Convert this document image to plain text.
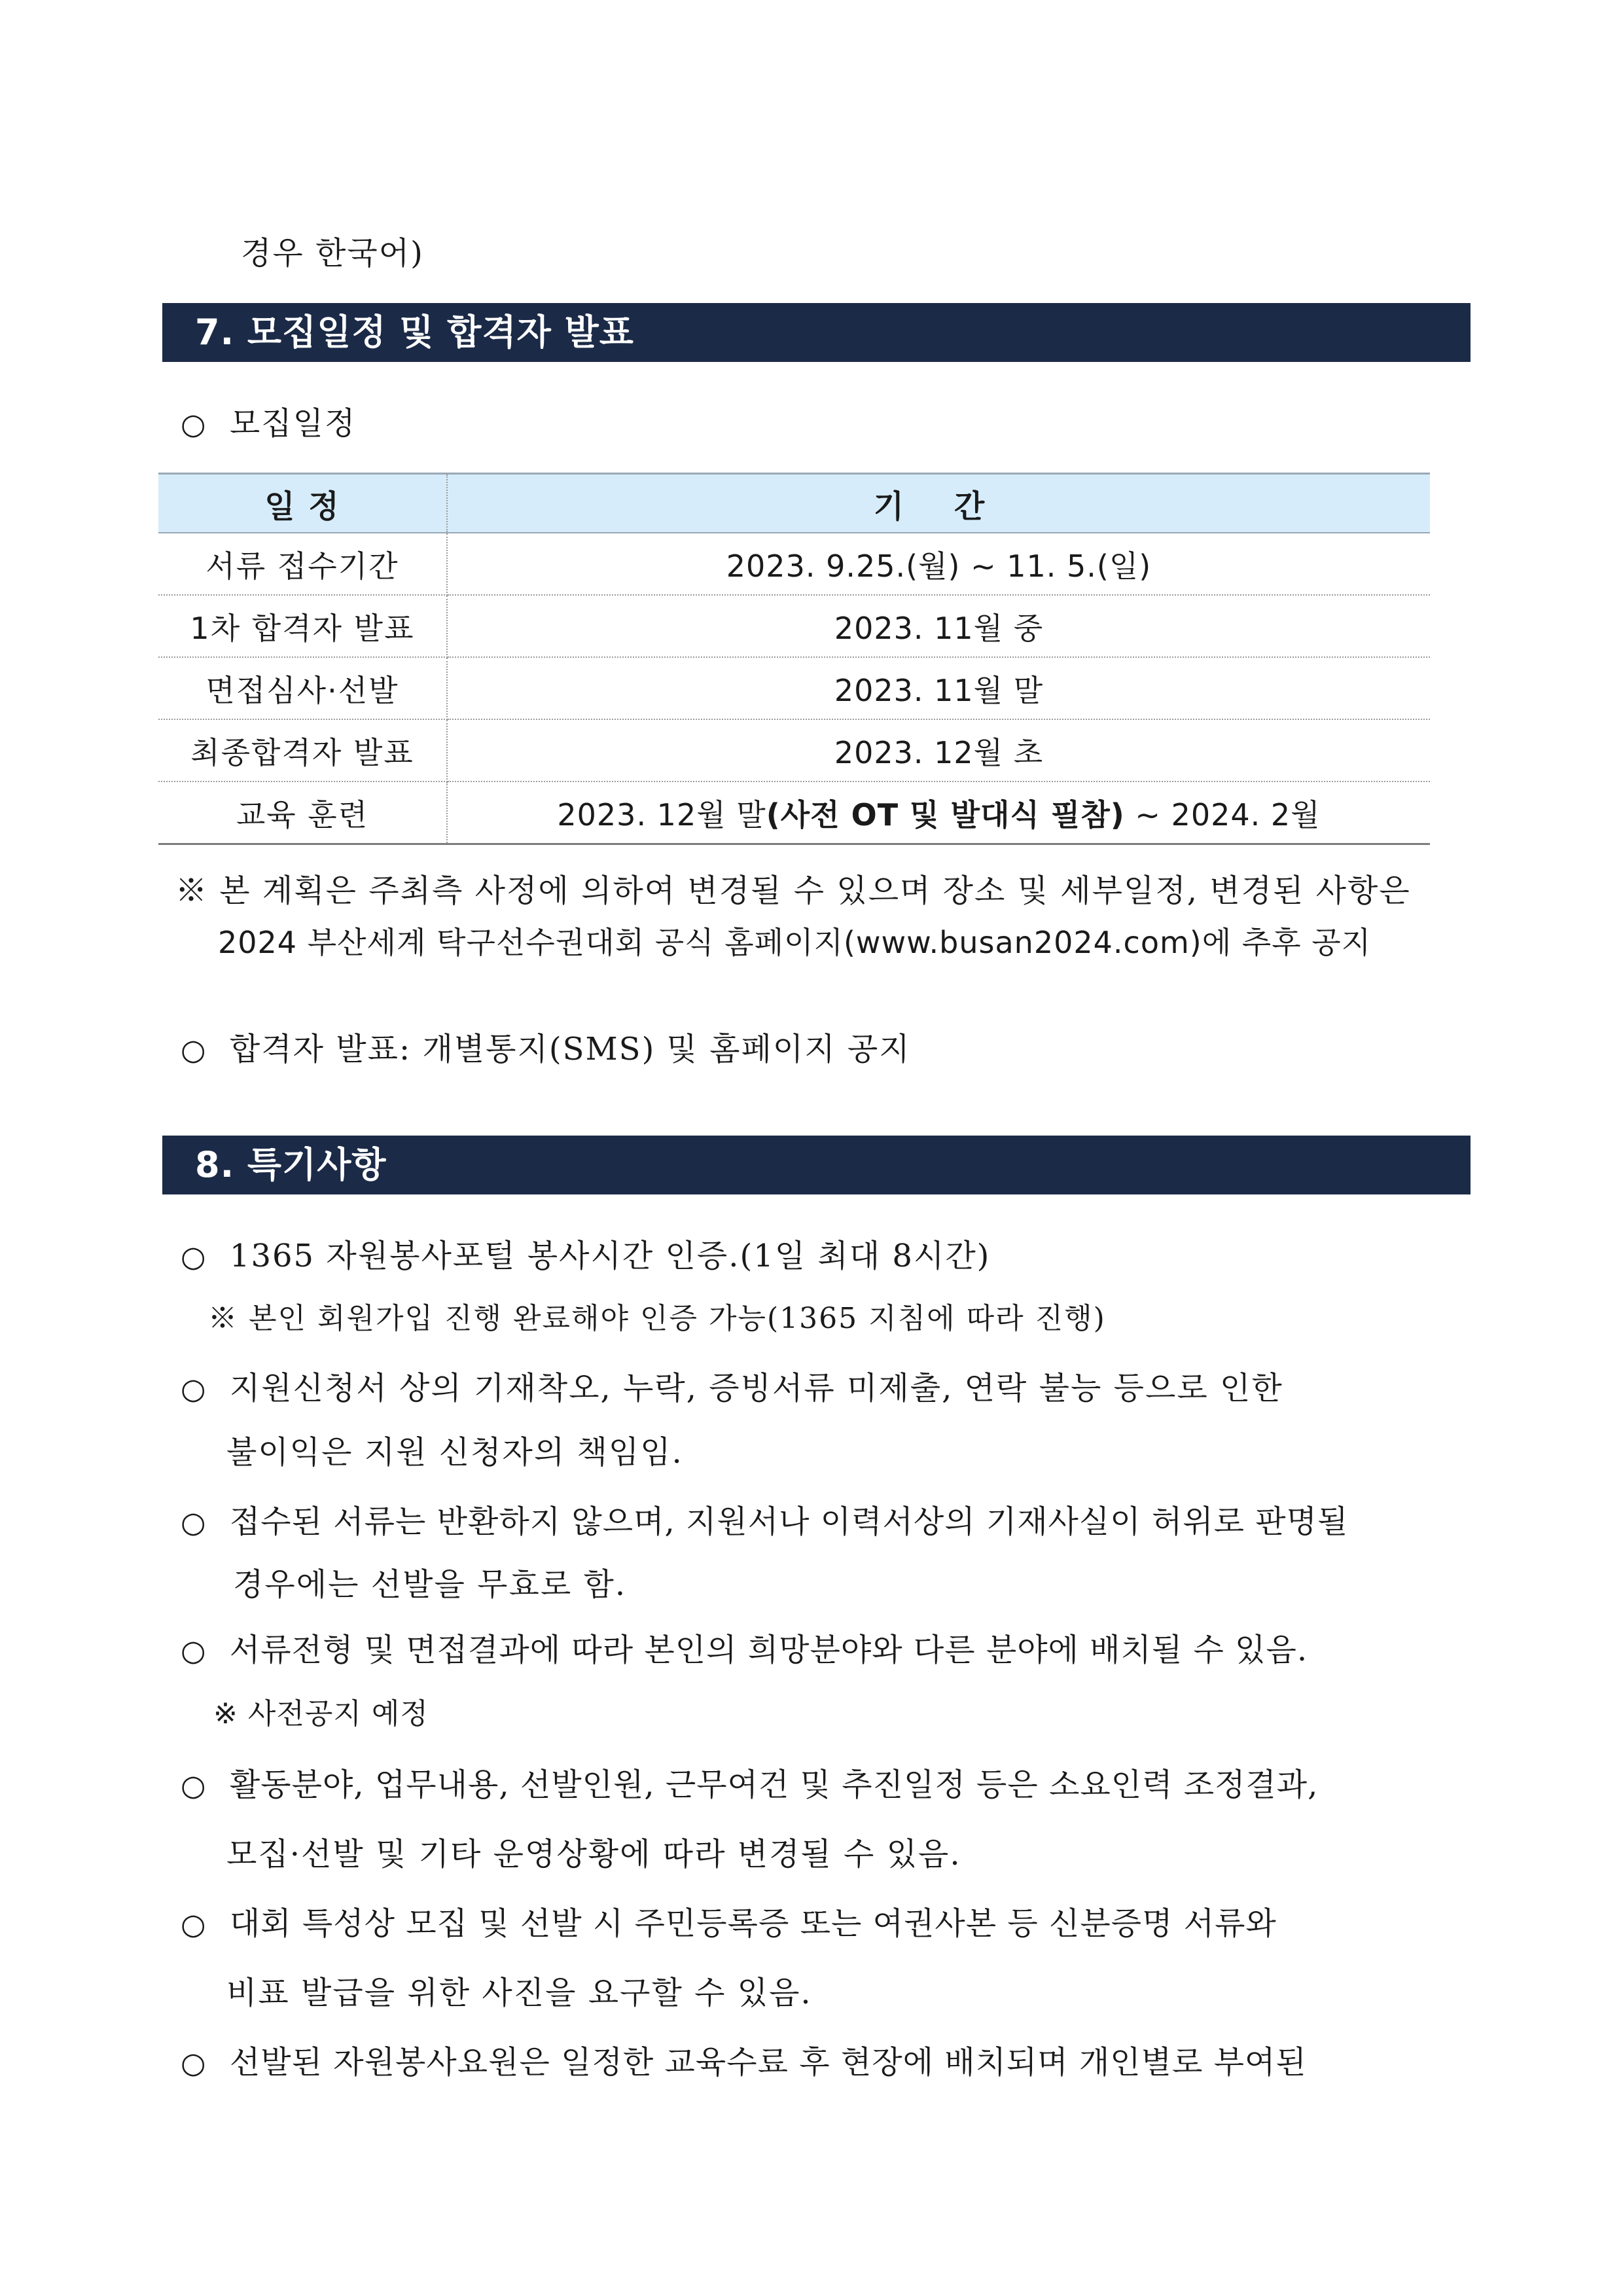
경우 한국어)
7. 모집일정 및 합격자 발표
○ 모집일정
일 정	기 간
서류 접수기간	2023. 9.25.(월) ~ 11. 5.(일)
1차 합격자 발표	2023. 11월 중
면접심사·선발	2023. 11월 말
최종합격자 발표	2023. 12월 초
교육 훈련	2023. 12월 말(사전 OT 및 발대식 필참) ~ 2024. 2월
※ 본 계획은 주최측 사정에 의하여 변경될 수 있으며 장소 및 세부일정, 변경된 사항은
2024 부산세계 탁구선수권대회 공식 홈페이지(www.busan2024.com)에 추후 공지
○ 합격자 발표: 개별통지(SMS) 및 홈페이지 공지
8. 특기사항
○ 1365 자원봉사포털 봉사시간 인증.(1일 최대 8시간)
※ 본인 회원가입 진행 완료해야 인증 가능(1365 지침에 따라 진행)
○ 지원신청서 상의 기재착오, 누락, 증빙서류 미제출, 연락 불능 등으로 인한
불이익은 지원 신청자의 책임임.
○ 접수된 서류는 반환하지 않으며, 지원서나 이력서상의 기재사실이 허위로 판명될
경우에는 선발을 무효로 함.
○ 서류전형 및 면접결과에 따라 본인의 희망분야와 다른 분야에 배치될 수 있음.
※ 사전공지 예정
○ 활동분야, 업무내용, 선발인원, 근무여건 및 추진일정 등은 소요인력 조정결과,
모집·선발 및 기타 운영상황에 따라 변경될 수 있음.
○ 대회 특성상 모집 및 선발 시 주민등록증 또는 여권사본 등 신분증명 서류와
비표 발급을 위한 사진을 요구할 수 있음.
○ 선발된 자원봉사요원은 일정한 교육수료 후 현장에 배치되며 개인별로 부여된
